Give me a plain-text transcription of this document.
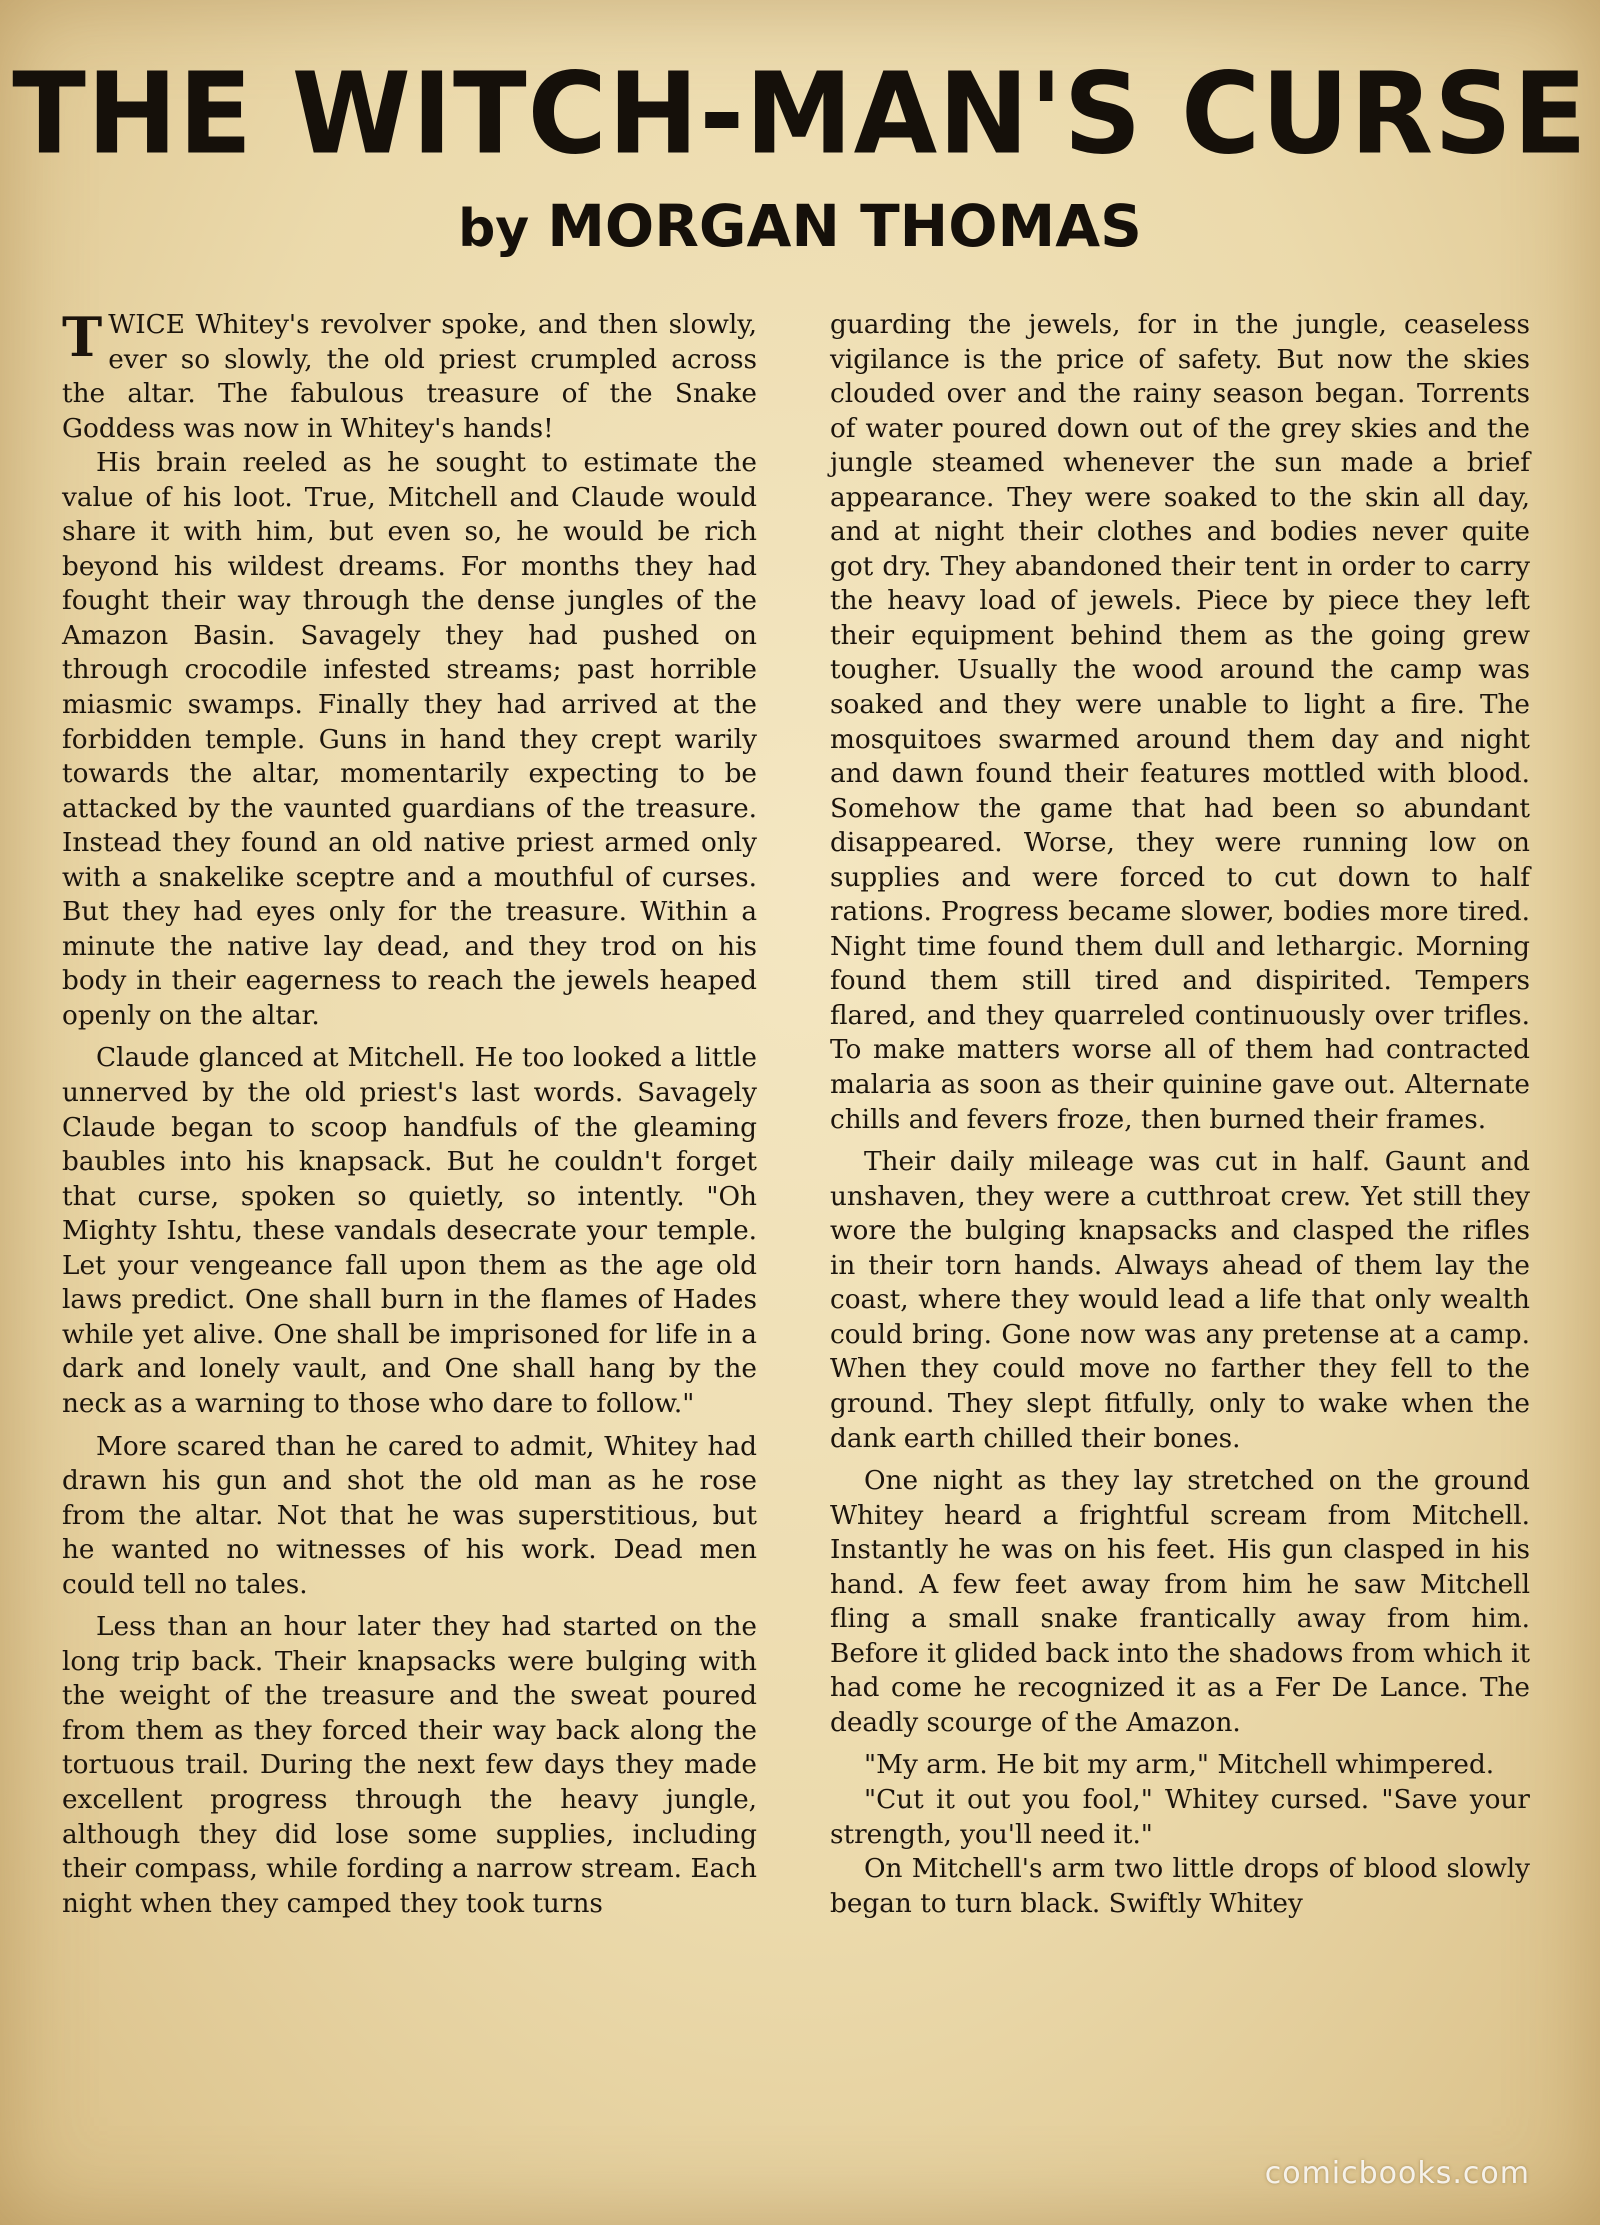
THE WITCH-MAN'S CURSE
by MORGAN THOMAS

TWICE Whitey's revolver spoke, and then slowly, ever so slowly, the old priest crumpled across the altar. The fabulous treasure of the Snake Goddess was now in Whitey's hands!

His brain reeled as he sought to estimate the value of his loot. True, Mitchell and Claude would share it with him, but even so, he would be rich beyond his wildest dreams. For months they had fought their way through the dense jungles of the Amazon Basin. Savagely they had pushed on through crocodile infested streams; past horrible miasmic swamps. Finally they had arrived at the forbidden temple. Guns in hand they crept warily towards the altar, momentarily expecting to be attacked by the vaunted guardians of the treasure. Instead they found an old native priest armed only with a snakelike sceptre and a mouthful of curses. But they had eyes only for the treasure. Within a minute the native lay dead, and they trod on his body in their eagerness to reach the jewels heaped openly on the altar.

Claude glanced at Mitchell. He too looked a little unnerved by the old priest's last words. Savagely Claude began to scoop handfuls of the gleaming baubles into his knapsack. But he couldn't forget that curse, spoken so quietly, so intently. "Oh Mighty Ishtu, these vandals desecrate your temple. Let your vengeance fall upon them as the age old laws predict. One shall burn in the flames of Hades while yet alive. One shall be imprisoned for life in a dark and lonely vault, and One shall hang by the neck as a warning to those who dare to follow."

More scared than he cared to admit, Whitey had drawn his gun and shot the old man as he rose from the altar. Not that he was superstitious, but he wanted no witnesses of his work. Dead men could tell no tales.

Less than an hour later they had started on the long trip back. Their knapsacks were bulging with the weight of the treasure and the sweat poured from them as they forced their way back along the tortuous trail. During the next few days they made excellent progress through the heavy jungle, although they did lose some supplies, including their compass, while fording a narrow stream. Each night when they camped they took turns

guarding the jewels, for in the jungle, ceaseless vigilance is the price of safety. But now the skies clouded over and the rainy season began. Torrents of water poured down out of the grey skies and the jungle steamed whenever the sun made a brief appearance. They were soaked to the skin all day, and at night their clothes and bodies never quite got dry. They abandoned their tent in order to carry the heavy load of jewels. Piece by piece they left their equipment behind them as the going grew tougher. Usually the wood around the camp was soaked and they were unable to light a fire. The mosquitoes swarmed around them day and night and dawn found their features mottled with blood. Somehow the game that had been so abundant disappeared. Worse, they were running low on supplies and were forced to cut down to half rations. Progress became slower, bodies more tired. Night time found them dull and lethargic. Morning found them still tired and dispirited. Tempers flared, and they quarreled continuously over trifles. To make matters worse all of them had contracted malaria as soon as their quinine gave out. Alternate chills and fevers froze, then burned their frames.

Their daily mileage was cut in half. Gaunt and unshaven, they were a cutthroat crew. Yet still they wore the bulging knapsacks and clasped the rifles in their torn hands. Always ahead of them lay the coast, where they would lead a life that only wealth could bring. Gone now was any pretense at a camp. When they could move no farther they fell to the ground. They slept fitfully, only to wake when the dank earth chilled their bones.

One night as they lay stretched on the ground Whitey heard a frightful scream from Mitchell. Instantly he was on his feet. His gun clasped in his hand. A few feet away from him he saw Mitchell fling a small snake frantically away from him. Before it glided back into the shadows from which it had come he recognized it as a Fer De Lance. The deadly scourge of the Amazon.

"My arm. He bit my arm," Mitchell whimpered.

"Cut it out you fool," Whitey cursed. "Save your strength, you'll need it."

On Mitchell's arm two little drops of blood slowly began to turn black. Swiftly Whitey

comicbooks.com
